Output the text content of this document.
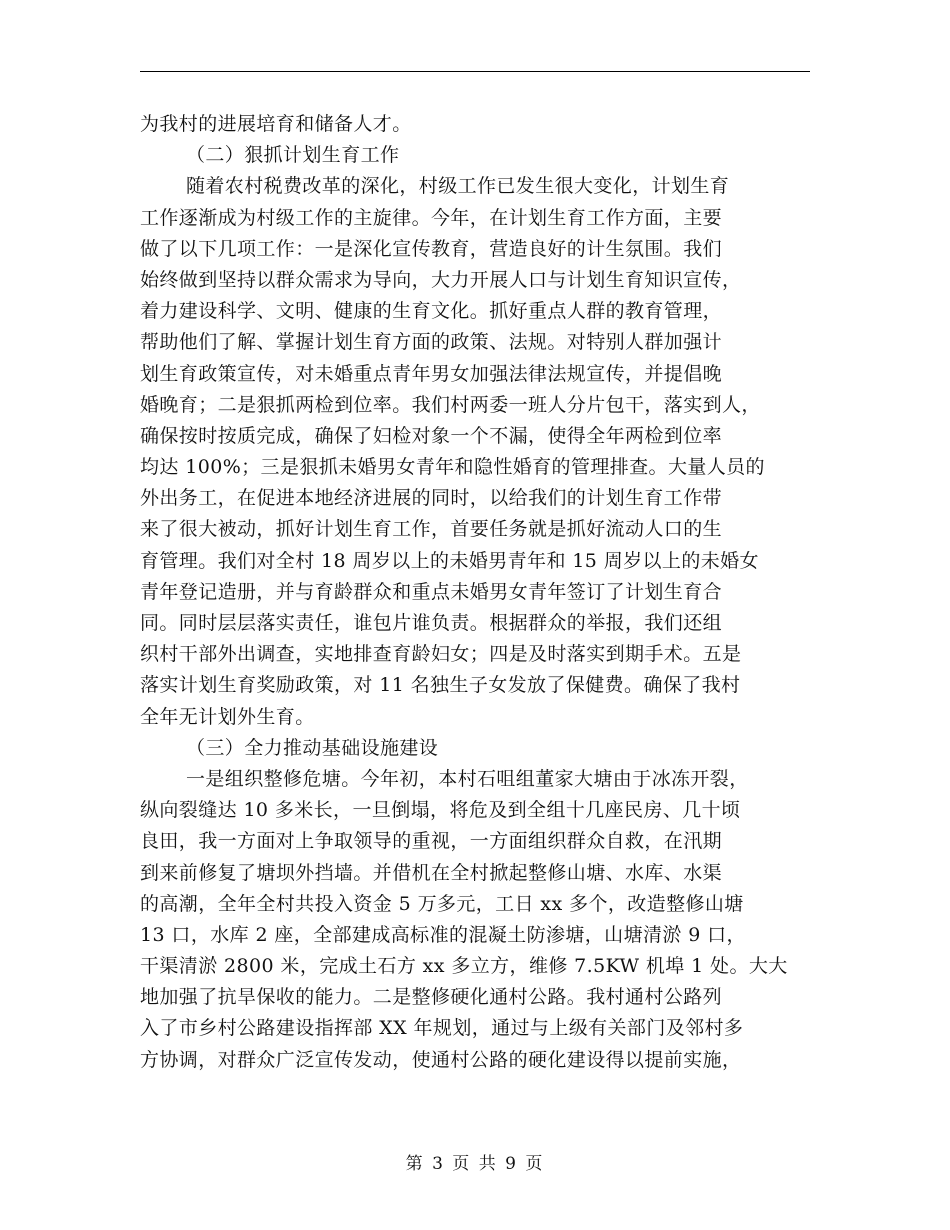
为我村的进展培育和储备人才。
（二）狠抓计划生育工作
随着农村税费改革的深化，村级工作已发生很大变化，计划生育
工作逐渐成为村级工作的主旋律。今年，在计划生育工作方面，主要
做了以下几项工作：一是深化宣传教育，营造良好的计生氛围。我们
始终做到坚持以群众需求为导向，大力开展人口与计划生育知识宣传，
着力建设科学、文明、健康的生育文化。抓好重点人群的教育管理，
帮助他们了解、掌握计划生育方面的政策、法规。对特别人群加强计
划生育政策宣传，对未婚重点青年男女加强法律法规宣传，并提倡晚
婚晚育；二是狠抓两检到位率。我们村两委一班人分片包干，落实到人，
确保按时按质完成，确保了妇检对象一个不漏，使得全年两检到位率
均达 100%；三是狠抓未婚男女青年和隐性婚育的管理排查。大量人员的
外出务工，在促进本地经济进展的同时，以给我们的计划生育工作带
来了很大被动，抓好计划生育工作，首要任务就是抓好流动人口的生
育管理。我们对全村 18 周岁以上的未婚男青年和 15 周岁以上的未婚女
青年登记造册，并与育龄群众和重点未婚男女青年签订了计划生育合
同。同时层层落实责任，谁包片谁负责。根据群众的举报，我们还组
织村干部外出调查，实地排查育龄妇女；四是及时落实到期手术。五是
落实计划生育奖励政策，对 11 名独生子女发放了保健费。确保了我村
全年无计划外生育。
（三）全力推动基础设施建设
一是组织整修危塘。今年初，本村石咀组董家大塘由于冰冻开裂，
纵向裂缝达 10 多米长，一旦倒塌，将危及到全组十几座民房、几十顷
良田，我一方面对上争取领导的重视，一方面组织群众自救，在汛期
到来前修复了塘坝外挡墙。并借机在全村掀起整修山塘、水库、水渠
的高潮，全年全村共投入资金 5 万多元，工日 xx 多个，改造整修山塘
13 口，水库 2 座，全部建成高标准的混凝土防渗塘，山塘清淤 9 口，
干渠清淤 2800 米，完成土石方 xx 多立方，维修 7.5KW 机埠 1 处。大大
地加强了抗旱保收的能力。二是整修硬化通村公路。我村通村公路列
入了市乡村公路建设指挥部 XX 年规划，通过与上级有关部门及邻村多
方协调，对群众广泛宣传发动，使通村公路的硬化建设得以提前实施，
第 3 页 共 9 页
